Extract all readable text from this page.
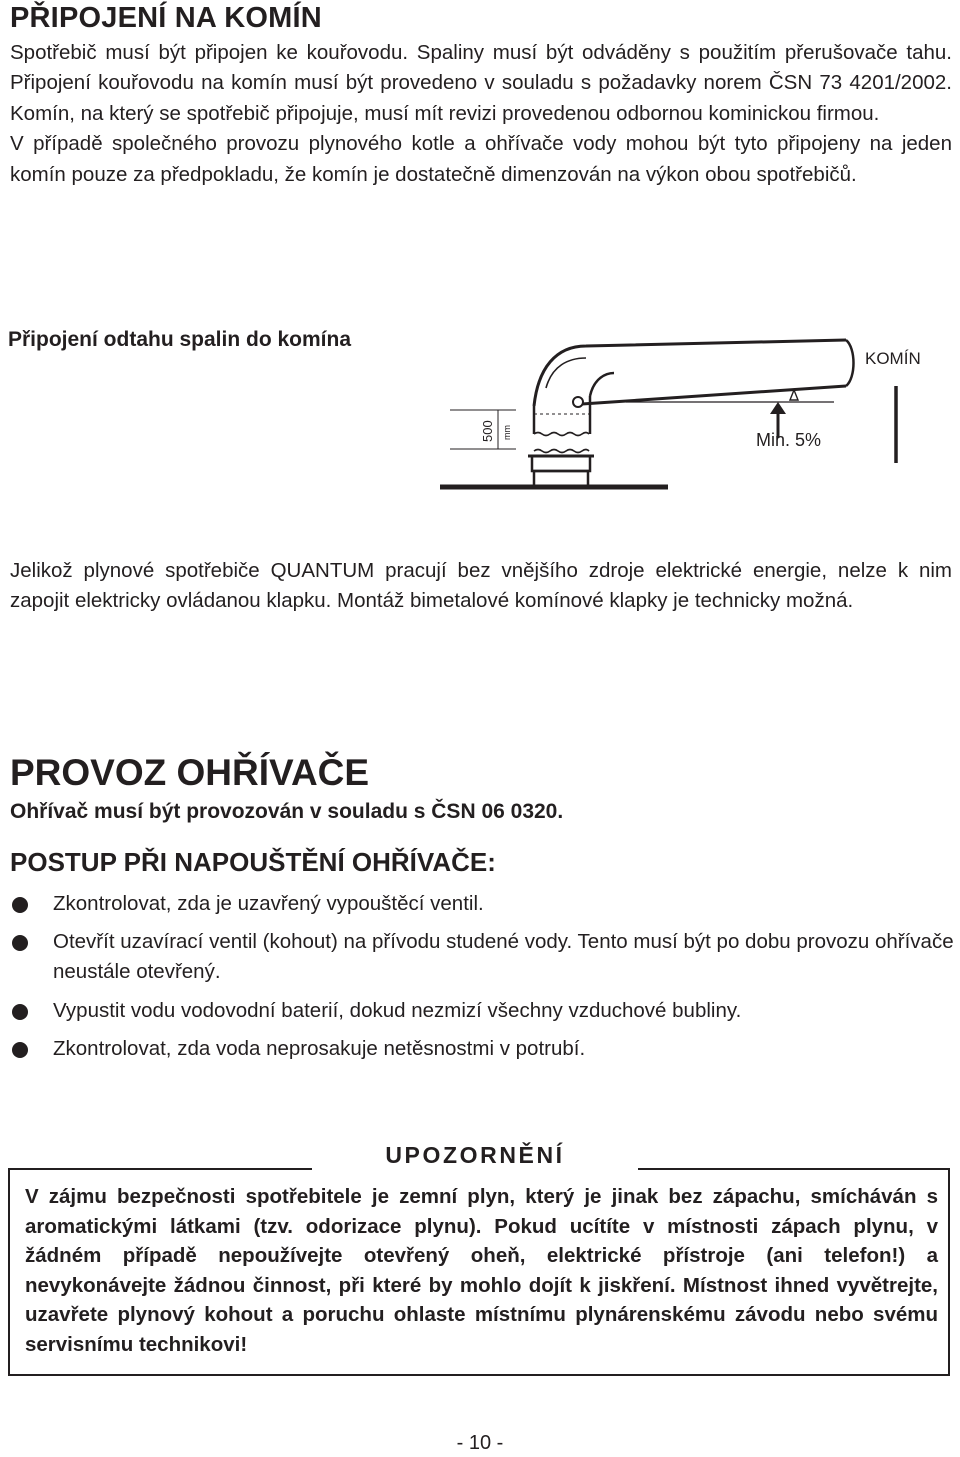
PŘIPOJENÍ NA KOMÍN

Spotřebič musí být připojen ke kouřovodu. Spaliny musí být odváděny s použitím přerušovače tahu. Připojení kouřovodu na komín musí být provedeno v souladu s požadavky norem ČSN 73 4201/2002. Komín, na který se spotřebič připojuje, musí mít revizi provedenou odbornou kominickou firmou.

V případě společného provozu plynového kotle a ohřívače vody mohou být tyto připojeny na jeden komín pouze za předpokladu, že komín je dostatečně dimenzován na výkon obou spotřebičů.

Připojení odtahu spalin do komína
500 mm
KOMÍN
Min. 5%

Jelikož plynové spotřebiče QUANTUM pracují bez vnějšího zdroje elektrické energie, nelze k nim zapojit elektricky ovládanou klapku. Montáž bimetalové komínové klapky je technicky možná.

PROVOZ OHŘÍVAČE
Ohřívač musí být provozován v souladu s ČSN 06 0320.
POSTUP PŘI NAPOUŠTĚNÍ OHŘÍVAČE:
Zkontrolovat, zda je uzavřený vypouštěcí ventil.
Otevřít uzavírací ventil (kohout) na přívodu studené vody. Tento musí být po dobu provozu ohřívače neustále otevřený.
Vypustit vodu vodovodní baterií, dokud nezmizí všechny vzduchové bubliny.
Zkontrolovat, zda voda neprosakuje netěsnostmi v potrubí.
UPOZORNĚNÍ

V zájmu bezpečnosti spotřebitele je zemní plyn, který je jinak bez zápachu, smícháván s aromatickými látkami (tzv. odorizace plynu). Pokud ucítíte v místnosti zápach plynu, v žádném případě nepoužívejte otevřený oheň, elektrické přístroje (ani telefon!) a nevykonávejte žádnou činnost, při které by mohlo dojít k jiskření. Místnost ihned vyvětrejte, uzavřete plynový kohout a poruchu ohlaste místnímu plynárenskému závodu nebo svému servisnímu technikovi!

- 10 -
